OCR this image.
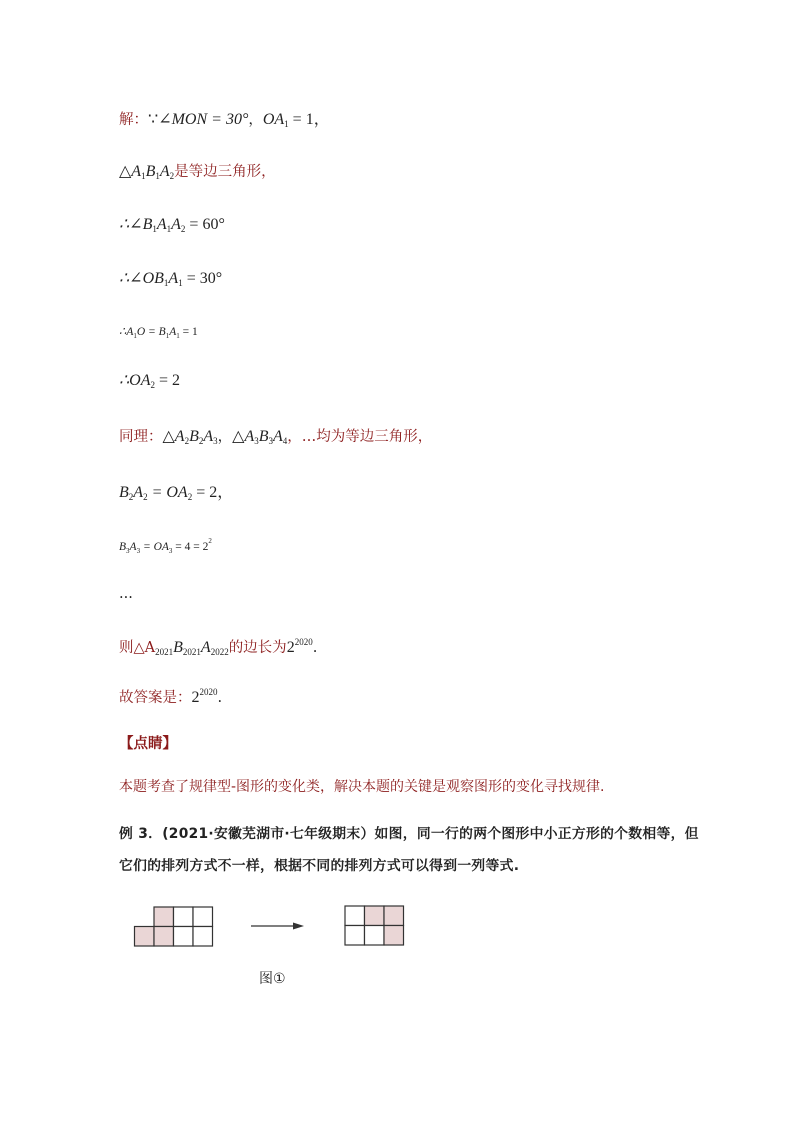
解：∵∠MON = 30°，$OA_1 = 1$，
$\triangle A_1B_1A_2$是等边三角形，
$\therefore\angle B_1A_1A_2 = 60^\circ$
$\therefore\angle OB_1A_1 = 30^\circ$
$\therefore A_1O = B_1A_1 = 1$
$\therefore OA_2 = 2$
同理：$\triangle A_2B_2A_3$，$\triangle A_3B_3A_4$，…均为等边三角形，
$B_2A_2 = OA_2 = 2$，
$B_3A_3 = OA_3 = 4 = 2^2$
...
则$\triangle A_{2021}B_{2021}A_{2022}$的边长为$2^{2020}$.
故答案是：$2^{2020}$.
【点睛】
本题考查了规律型-图形的变化类，解决本题的关键是观察图形的变化寻找规律.
例 3．(2021·安徽芜湖市·七年级期末）如图，同一行的两个图形中小正方形的个数相等，但
它们的排列方式不一样，根据不同的排列方式可以得到一列等式.
图①
